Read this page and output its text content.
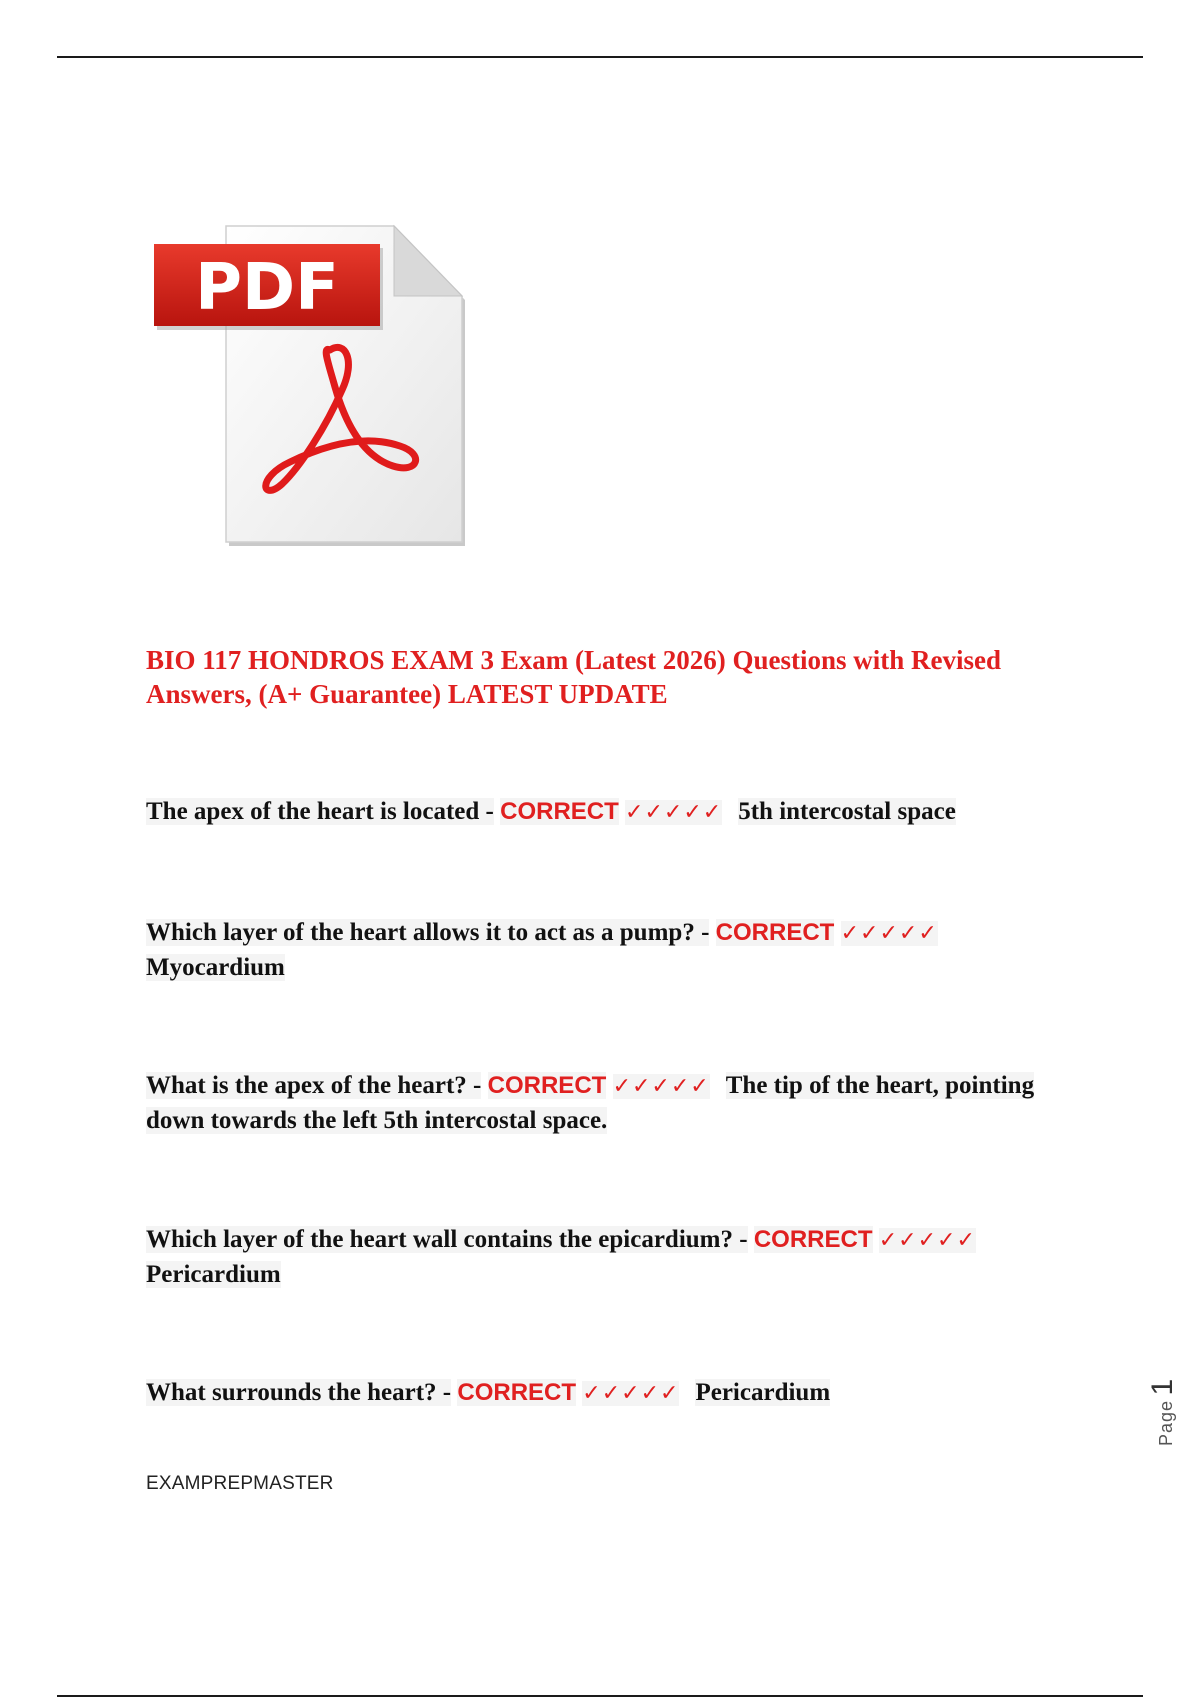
PDF
BIO 117 HONDROS EXAM 3 Exam (Latest 2026) Questions with Revised Answers, (A+ Guarantee) LATEST UPDATE
The apex of the heart is located - CORRECT ✓✓✓✓✓ 5th intercostal space
Which layer of the heart allows it to act as a pump? - CORRECT ✓✓✓✓✓Myocardium
What is the apex of the heart? - CORRECT ✓✓✓✓✓ The tip of the heart, pointing down towards the left 5th intercostal space.
Which layer of the heart wall contains the epicardium? - CORRECT ✓✓✓✓✓Pericardium
What surrounds the heart? - CORRECT ✓✓✓✓✓ Pericardium
EXAMPREPMASTER
Page 1
